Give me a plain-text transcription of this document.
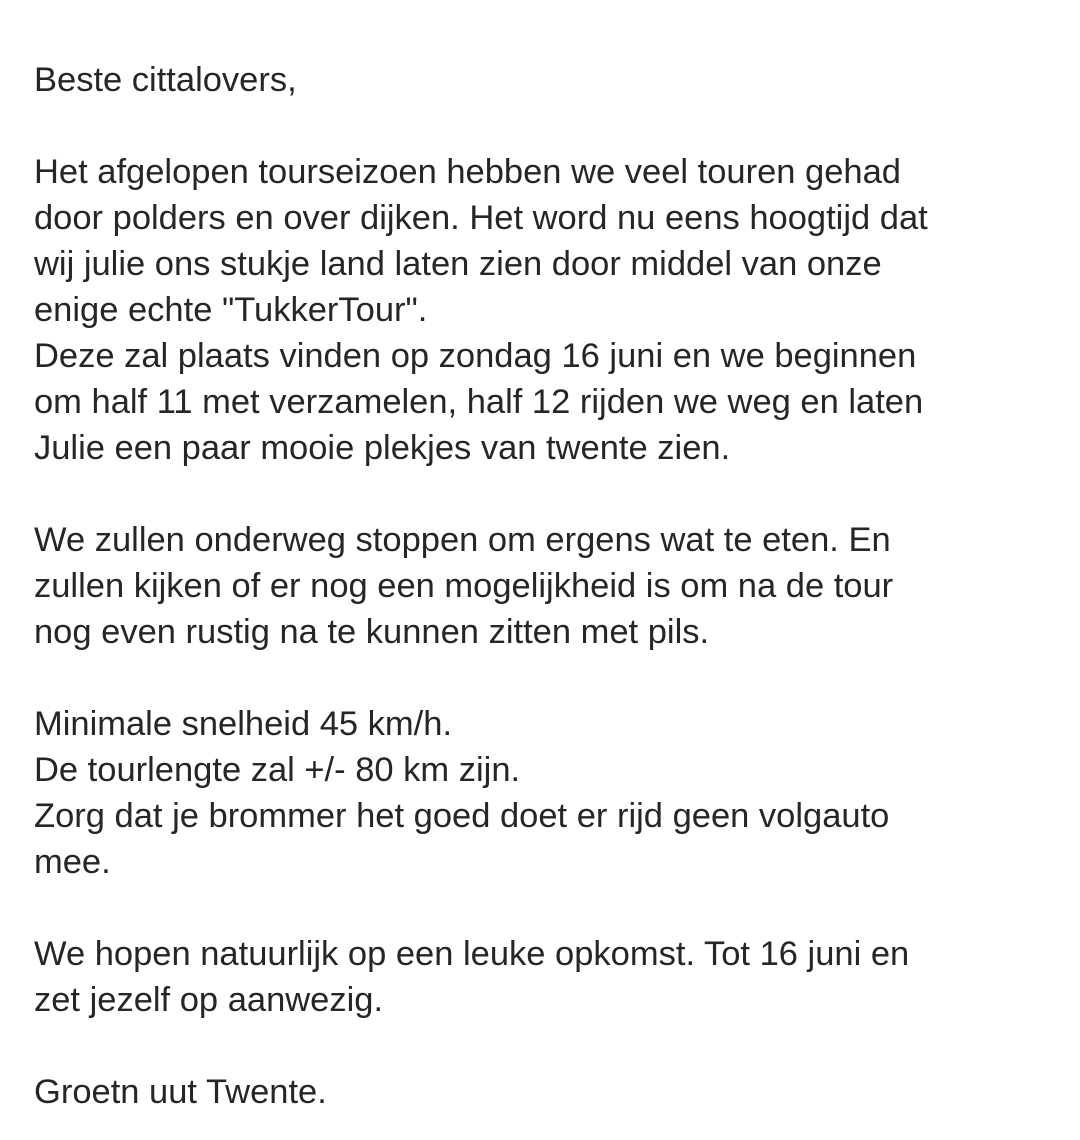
Beste cittalovers,
Het afgelopen tourseizoen hebben we veel touren gehad
door polders en over dijken. Het word nu eens hoogtijd dat
wij julie ons stukje land laten zien door middel van onze
enige echte "TukkerTour".
Deze zal plaats vinden op zondag 16 juni en we beginnen
om half 11 met verzamelen, half 12 rijden we weg en laten
Julie een paar mooie plekjes van twente zien.
We zullen onderweg stoppen om ergens wat te eten. En
zullen kijken of er nog een mogelijkheid is om na de tour
nog even rustig na te kunnen zitten met pils.
Minimale snelheid 45 km/h.
De tourlengte zal +/- 80 km zijn.
Zorg dat je brommer het goed doet er rijd geen volgauto
mee.
We hopen natuurlijk op een leuke opkomst. Tot 16 juni en
zet jezelf op aanwezig.
Groetn uut Twente.
